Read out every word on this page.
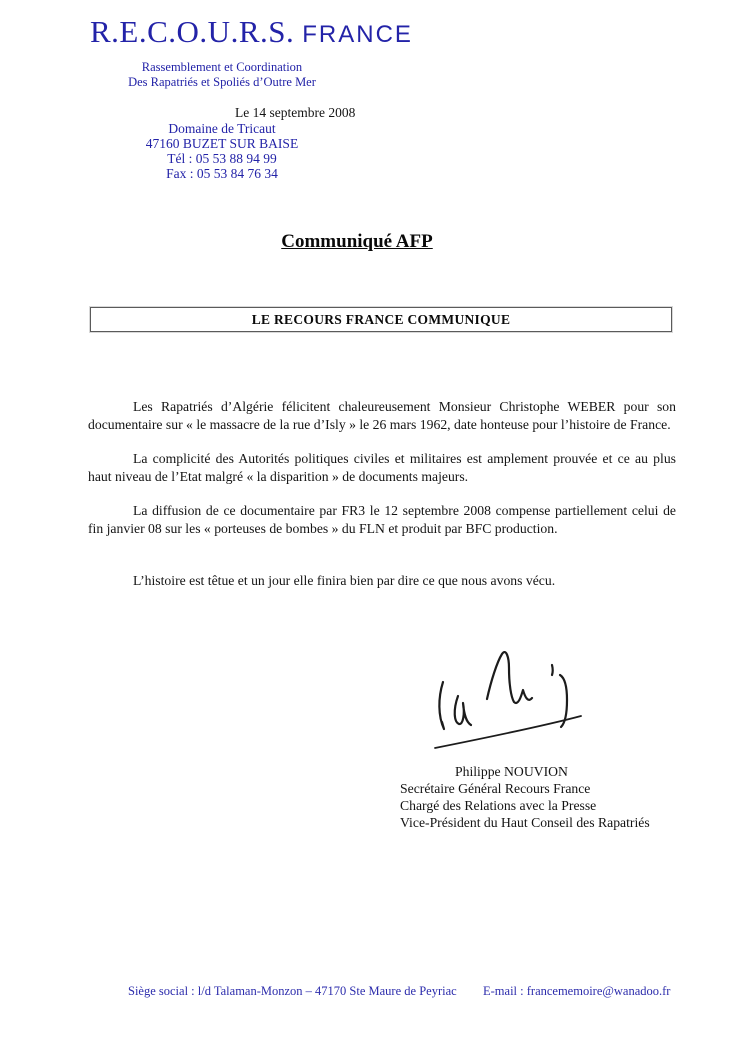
R.E.C.O.U.R.S. FRANCE
Rassemblement et Coordination
Des Rapatriés et Spoliés d’Outre Mer
Le 14 septembre 2008
Domaine de Tricaut
47160 BUZET SUR BAISE
Tél : 05 53 88 94 99
Fax : 05 53 84 76 34
Communiqué AFP
LE RECOURS FRANCE COMMUNIQUE

Les Rapatriés d’Algérie félicitent chaleureusement Monsieur Christophe WEBER pour son documentaire sur « le massacre de la rue d’Isly » le 26 mars 1962, date honteuse pour l’histoire de France.

La complicité des Autorités politiques civiles et militaires est amplement prouvée et ce au plus haut niveau de l’Etat malgré « la disparition » de documents majeurs.

La diffusion de ce documentaire par FR3 le 12 septembre 2008 compense partiellement celui de fin janvier 08 sur les « porteuses de bombes » du FLN et produit par BFC production.

L’histoire est têtue et un jour elle finira bien par dire ce que nous avons vécu.

Philippe NOUVION
Secrétaire Général Recours France
Chargé des Relations avec la Presse
Vice-Président du Haut Conseil des Rapatriés
Siège social : l/d Talaman-Monzon – 47170 Ste Maure de Peyriac E-mail : francememoire@wanadoo.fr
